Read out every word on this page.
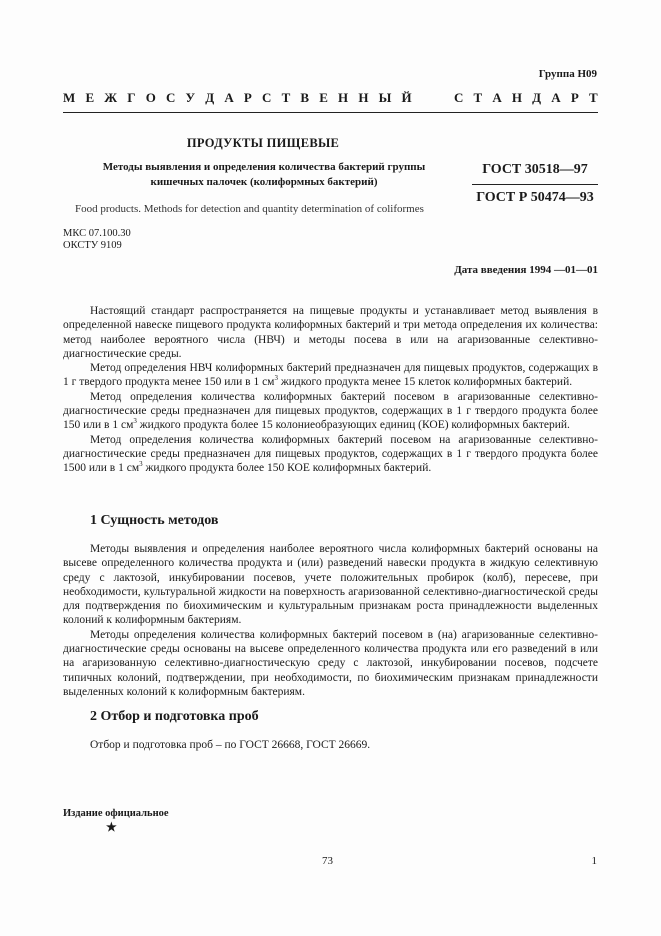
Группа Н09
М Е Ж Г О С У Д А Р С Т В Е Н Н Ы Й	С Т А Н Д А Р Т
ПРОДУКТЫ ПИЩЕВЫЕ
Методы выявления и определения количества бактерий группы
кишечных палочек (колиформных бактерий)
ГОСТ 30518—97
ГОСТ Р 50474—93
Food products. Methods for detection and quantity determination of coliformes
МКС 07.100.30
ОКСТУ 9109
Дата введения 1994 —01—01

Настоящий стандарт распространяется на пищевые продукты и устанавливает метод выявления в определенной навеске пищевого продукта колиформных бактерий и три метода определения их количества: метод наиболее вероятного числа (НВЧ) и методы посева в или на агаризованные селективно-диагностические среды.

Метод определения НВЧ колиформных бактерий предназначен для пищевых продуктов, содержащих в 1 г твердого продукта менее 150 или в 1 $см^3$ жидкого продукта менее 15 клеток колиформных бактерий.

Метод определения количества колиформных бактерий посевом в агаризованные селективно-диагностические среды предназначен для пищевых продуктов, содержащих в 1 г твердого продукта более 150 или в 1 $см^3$ жидкого продукта более 15 колониеобразующих единиц (КОЕ) колиформных бактерий.

Метод определения количества колиформных бактерий посевом на агаризованные селективно-диагностические среды предназначен для пищевых продуктов, содержащих в 1 г твердого продукта более 1500 или в 1 $см^3$ жидкого продукта более 150 КОЕ колиформных бактерий.

1 Сущность методов

Методы выявления и определения наиболее вероятного числа колиформных бактерий основаны на высеве определенного количества продукта и (или) разведений навески продукта в жидкую селективную среду с лактозой, инкубировании посевов, учете положительных пробирок (колб), пересеве, при необходимости, культуральной жидкости на поверхность агаризованной селективно-диагностической среды для подтверждения по биохимическим и культуральным признакам роста принадлежности выделенных колоний к колиформным бактериям.

Методы определения количества колиформных бактерий посевом в (на) агаризованные селективно-диагностические среды основаны на высеве определенного количества продукта или его разведений в или на агаризованную селективно-диагностическую среду с лактозой, инкубировании посевов, подсчете типичных колоний, подтверждении, при необходимости, по биохимическим признакам принадлежности выделенных колоний к колиформным бактериям.

2 Отбор и подготовка проб

Отбор и подготовка проб – по ГОСТ 26668, ГОСТ 26669.

Издание официальное
★
73	1
